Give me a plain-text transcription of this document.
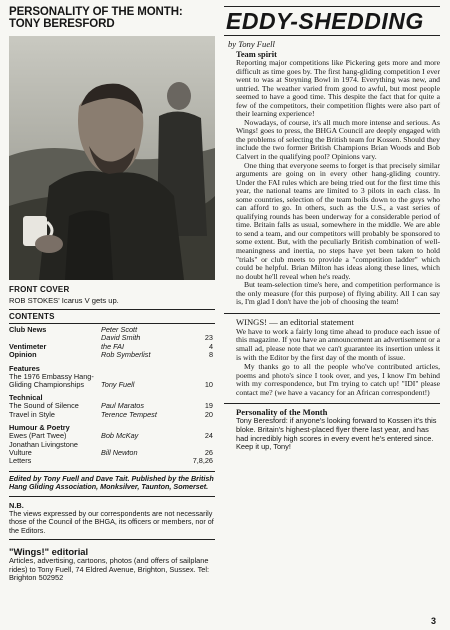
PERSONALITY OF THE MONTH:
TONY BERESFORD
FRONT COVER
ROB STOKES' Icarus V gets up.
CONTENTS
Club News	Peter Scott
David Smith	23
Ventimeter	the FAI	4
Opinion	Rob Symberlist	8
Features
The 1976 Embassy Hang-
Gliding Championships	Tony Fuell	10
Technical
The Sound of Silence	Paul Maratos	19
Travel in Style	Terence Tempest	20
Humour & Poetry
Ewes (Part Twee)	Bob McKay	24
Jonathan Livingstone
Vulture	Bill Newton	26
Letters	7,8,26
Edited by Tony Fuell and Dave Tait. Published by the British Hang Gliding Association, Monksilver, Taunton, Somerset.
N.B.
The views expressed by our correspondents are not necessarily those of the Council of the BHGA, its officers or members, nor of the Editors.
"Wings!" editorial
Articles, advertising, cartoons, photos (and offers of sailplane rides) to Tony Fuell, 74 Eldred Avenue, Brighton, Sussex. Tel: Brighton 502952
EDDY-SHEDDING
by Tony Fuell
Team spirit

Reporting major competitions like Pickering gets more and more difficult as time goes by. The first hang-gliding competition I ever went to was at Steyning Bowl in 1974. Everything was new, and untried. The weather varied from good to awful, but most people seemed to have a good time. This despite the fact that for quite a few of the competitors, their competition flights were also part of their learning experience!

Nowadays, of course, it's all much more intense and serious. As Wings! goes to press, the BHGA Council are deeply engaged with the problems of selecting the British team for Kossen. Should they include the two former British Champions Brian Woods and Bob Calvert in the qualifying pool? Opinions vary.

One thing that everyone seems to forget is that precisely similar arguments are going on in every other hang-gliding country. Under the FAI rules which are being tried out for the first time this year, the national teams are limited to 3 pilots in each class. In some countries, selection of the team boils down to the guys who can afford to go. In others, such as the U.S., a vast series of qualifying rounds has been underway for a considerable period of time. Britain falls as usual, somewhere in the middle. We are able to send a team, and our competitors will probably be sponsored to some extent. But, with the peculiarly British combination of well-meaningness and inertia, no steps have yet been taken to hold "trials" or club meets to provide a "competition ladder" which could be helpful. Brian Milton has ideas along these lines, which no doubt he'll reveal when he's ready.

But team-selection time's here, and competition performance is the only measure (for this purpose) of flying ability. All I can say is, I'm glad I don't have the job of choosing the team!

WINGS! — an editorial statement

We have to work a fairly long time ahead to produce each issue of this magazine. If you have an announcement an advertisement or a small ad, please note that we can't guarantee its insertion unless it is with the Editor by the first day of the month of issue.

My thanks go to all the people who've contributed articles, poems and photo's since I took over, and yes, I know I'm behind with my correspondence, but I'm trying to catch up! "IDI" please contact me? (we have a vacancy for an African correspondent!)

Personality of the Month
Tony Beresford: if anyone's looking forward to Kossen it's this bloke. Britain's highest-placed flyer there last year, and has had incredibly high scores in every event he's entered since. Keep it up, Tony!
3
